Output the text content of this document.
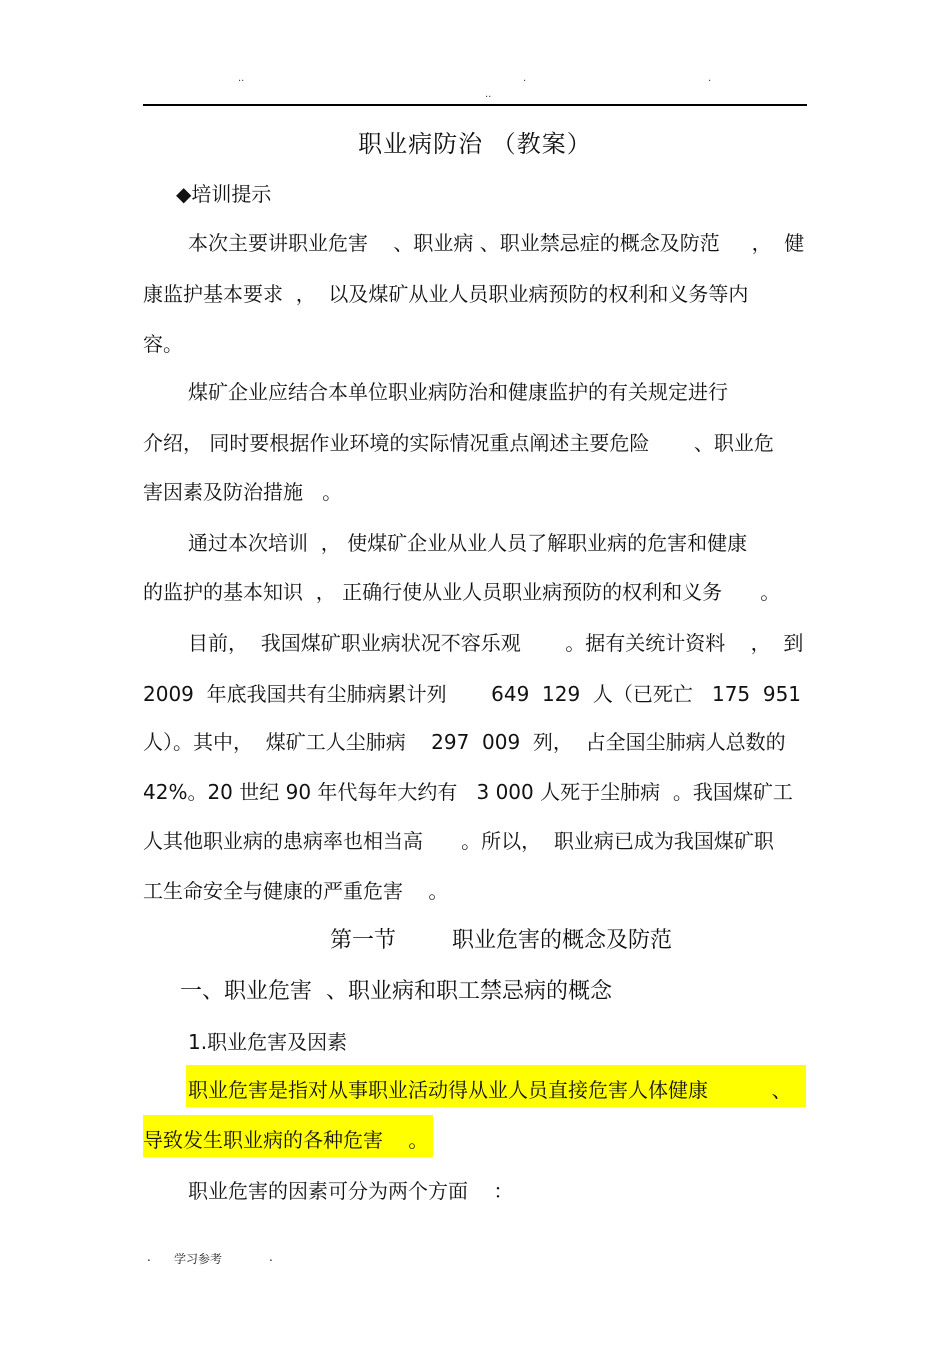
..	.	.
..
职业病防治 （教案）
◆培训提示
本次主要讲职业危害    、职业病 、职业禁忌症的概念及防范     ，  健
康监护基本要求  ，  以及煤矿从业人员职业病预防的权利和义务等内
容。
煤矿企业应结合本单位职业病防治和健康监护的有关规定进行
介绍， 同时要根据作业环境的实际情况重点阐述主要危险       、职业危
害因素及防治措施   。
通过本次培训  ， 使煤矿企业从业人员了解职业病的危害和健康
的监护的基本知识  ， 正确行使从业人员职业病预防的权利和义务      。
目前，  我国煤矿职业病状况不容乐观       。据有关统计资料    ，  到
2009  年底我国共有尘肺病累计列       649  129  人（已死亡   175  951
人）。其中，  煤矿工人尘肺病    297  009  列，  占全国尘肺病人总数的
42%。20 世纪 90 年代每年大约有   3 000 人死于尘肺病  。我国煤矿工
人其他职业病的患病率也相当高      。所以，  职业病已成为我国煤矿职
工生命安全与健康的严重危害    。
第一节        职业危害的概念及防范
一、职业危害  、职业病和职工禁忌病的概念
1.职业危害及因素
职业危害是指对从事职业活动得从业人员直接危害人体健康          、
导致发生职业病的各种危害    。
职业危害的因素可分为两个方面    ：
. 学习参考	.
